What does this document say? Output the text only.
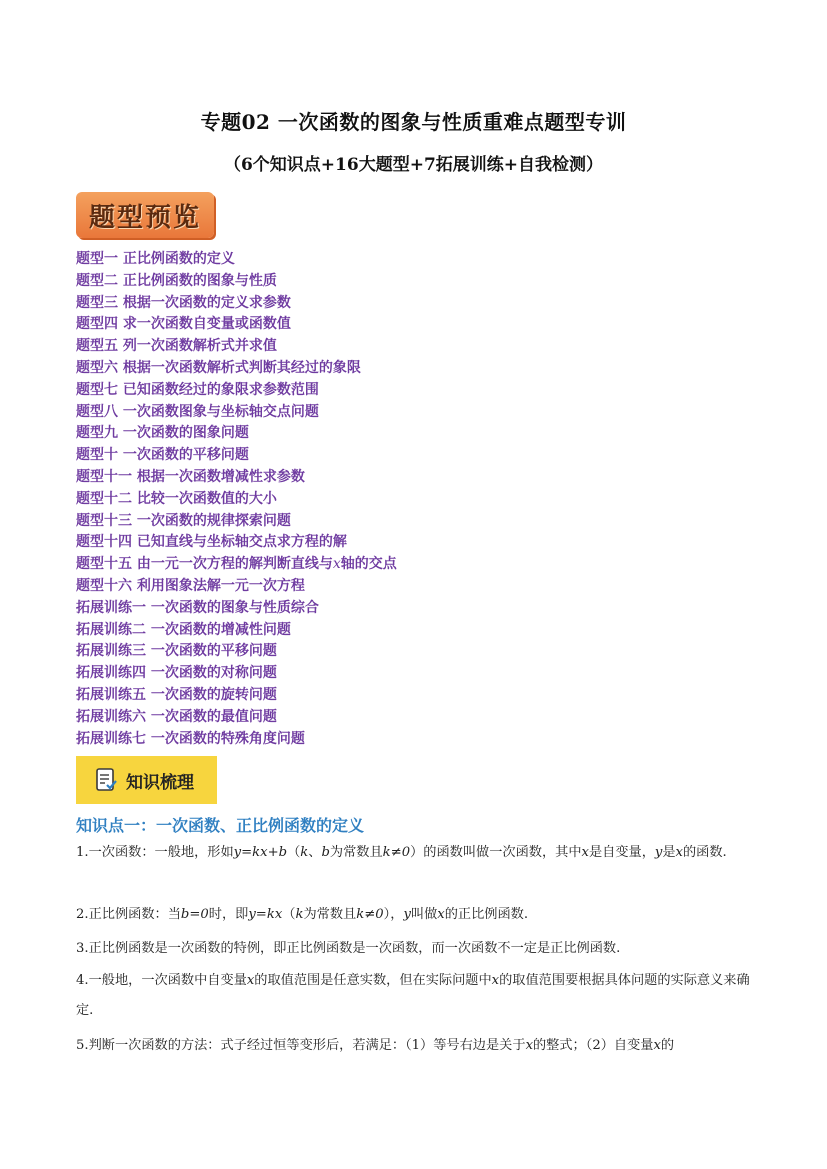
专题02 一次函数的图象与性质重难点题型专训
（6个知识点+16大题型+7拓展训练+自我检测）
题型预览
题型一 正比例函数的定义
题型二 正比例函数的图象与性质
题型三 根据一次函数的定义求参数
题型四 求一次函数自变量或函数值
题型五 列一次函数解析式并求值
题型六 根据一次函数解析式判断其经过的象限
题型七 已知函数经过的象限求参数范围
题型八 一次函数图象与坐标轴交点问题
题型九 一次函数的图象问题
题型十 一次函数的平移问题
题型十一 根据一次函数增减性求参数
题型十二 比较一次函数值的大小
题型十三 一次函数的规律探索问题
题型十四 已知直线与坐标轴交点求方程的解
题型十五 由一元一次方程的解判断直线与x轴的交点
题型十六 利用图象法解一元一次方程
拓展训练一 一次函数的图象与性质综合
拓展训练二 一次函数的增减性问题
拓展训练三 一次函数的平移问题
拓展训练四 一次函数的对称问题
拓展训练五 一次函数的旋转问题
拓展训练六 一次函数的最值问题
拓展训练七 一次函数的特殊角度问题
知识梳理
知识点一：一次函数、正比例函数的定义
1.一次函数：一般地，形如y=kx+b（k、b为常数且k≠0）的函数叫做一次函数，其中x是自变量，y是x的函数.
2.正比例函数：当b=0时，即y=kx（k为常数且k≠0），y叫做x的正比例函数.
3.正比例函数是一次函数的特例，即正比例函数是一次函数，而一次函数不一定是正比例函数.
4.一般地，一次函数中自变量x的取值范围是任意实数，但在实际问题中x的取值范围要根据具体问题的实际意义来确定.
5.判断一次函数的方法：式子经过恒等变形后，若满足：（1）等号右边是关于x的整式；（2）自变量x的
